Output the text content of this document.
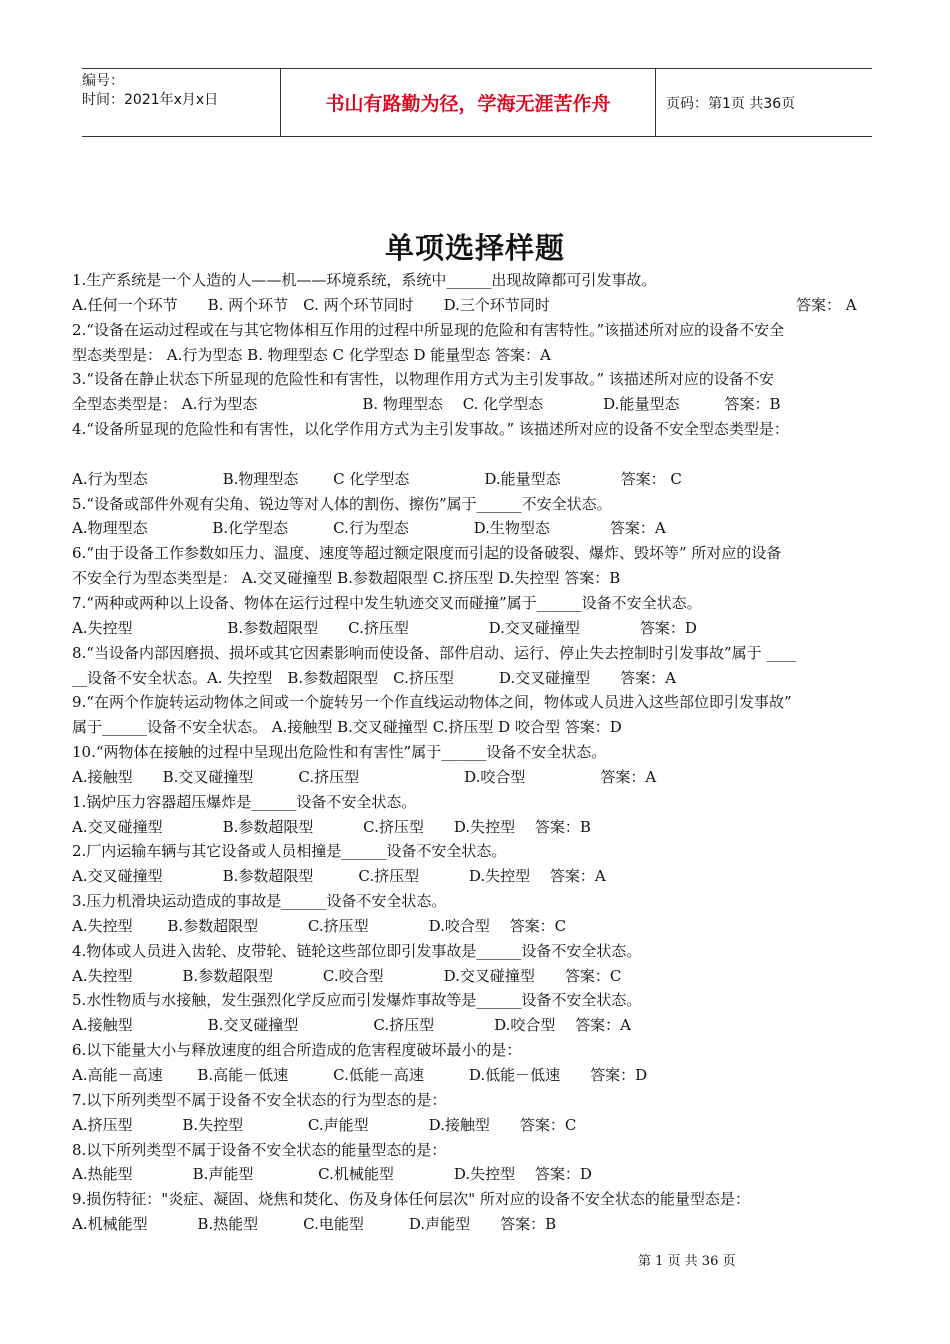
编号：
时间：2021年x月x日	书山有路勤为径，学海无涯苦作舟	页码：第1页 共36页
单项选择样题
1.生产系统是一个人造的人——机——环境系统，系统中______出现故障都可引发事故。
A.任何一个环节　　B. 两个环节　C. 两个环节同时　　D.三个环节同时	答案： A
2.“设备在运动过程或在与其它物体相互作用的过程中所显现的危险和有害特性。”该描述所对应的设备不安全
型态类型是： A.行为型态 B. 物理型态 C 化学型态 D 能量型态 答案：A
3.“设备在静止状态下所显现的危险性和有害性，以物理作用方式为主引发事故。” 该描述所对应的设备不安
全型态类型是： A.行为型态　　　　　　　B. 物理型态　 C. 化学型态　　　　D.能量型态　　　答案：B
4.“设备所显现的危险性和有害性，以化学作用方式为主引发事故。” 该描述所对应的设备不安全型态类型是：
A.行为型态　　　　　B.物理型态　　 C 化学型态　　　　　D.能量型态　　　　答案： C
5.“设备或部件外观有尖角、锐边等对人体的割伤、擦伤”属于______不安全状态。
A.物理型态　　　　 B.化学型态　　　C.行为型态　　　　 D.生物型态　　　　答案：A
6.“由于设备工作参数如压力、温度、速度等超过额定限度而引起的设备破裂、爆炸、毁坏等” 所对应的设备
不安全行为型态类型是： A.交叉碰撞型 B.参数超限型 C.挤压型 D.失控型 答案：B
7.“两种或两种以上设备、物体在运行过程中发生轨迹交叉而碰撞”属于______设备不安全状态。
A.失控型　　　　　　 B.参数超限型　　C.挤压型　　　　　 D.交叉碰撞型　　　　答案：D
8.“当设备内部因磨损、损坏或其它因素影响而使设备、部件启动、运行、停止失去控制时引发事故”属于 ____
__设备不安全状态。A. 失控型　B.参数超限型　C.挤压型　　　D.交叉碰撞型　　答案：A
9.“在两个作旋转运动物体之间或一个旋转另一个作直线运动物体之间，物体或人员进入这些部位即引发事故”
属于______设备不安全状态。 A.接触型 B.交叉碰撞型 C.挤压型 D 咬合型 答案：D
10.“两物体在接触的过程中呈现出危险性和有害性”属于______设备不安全状态。
A.接触型　　B.交叉碰撞型　　　C.挤压型　　　　　　　D.咬合型　　　　　答案：A
1.锅炉压力容器超压爆炸是______设备不安全状态。
A.交叉碰撞型　　　　B.参数超限型　　　 C.挤压型　　D.失控型　 答案：B
2.厂内运输车辆与其它设备或人员相撞是______设备不安全状态。
A.交叉碰撞型　　　　B.参数超限型　　　C.挤压型　　　 D.失控型　 答案：A
3.压力机滑块运动造成的事故是______设备不安全状态。
A.失控型　　 B.参数超限型　　　 C.挤压型　　　　D.咬合型　 答案：C
4.物体或人员进入齿轮、皮带轮、链轮这些部位即引发事故是______设备不安全状态。
A.失控型　　　 B.参数超限型　　　 C.咬合型　　　　D.交叉碰撞型　　答案：C
5.水性物质与水接触，发生强烈化学反应而引发爆炸事故等是______设备不安全状态。
A.接触型　　　　　B.交叉碰撞型　　　　　C.挤压型　　　　D.咬合型　 答案：A
6.以下能量大小与释放速度的组合所造成的危害程度破坏最小的是：
A.高能－高速　　 B.高能－低速　　　C.低能－高速　　　D.低能－低速　　答案：D
7.以下所列类型不属于设备不安全状态的行为型态的是：
A.挤压型　　　 B.失控型　　　　 C.声能型　　　　D.接触型　　答案：C
8.以下所列类型不属于设备不安全状态的能量型态的是：
A.热能型　　　　B.声能型　　　　 C.机械能型　　　　D.失控型　 答案：D
9.损伤特征："炎症、凝固、烧焦和焚化、伤及身体任何层次" 所对应的设备不安全状态的能量型态是：
A.机械能型　　　 B.热能型　　　C.电能型　　　D.声能型　　答案：B
第 1 页 共 36 页
